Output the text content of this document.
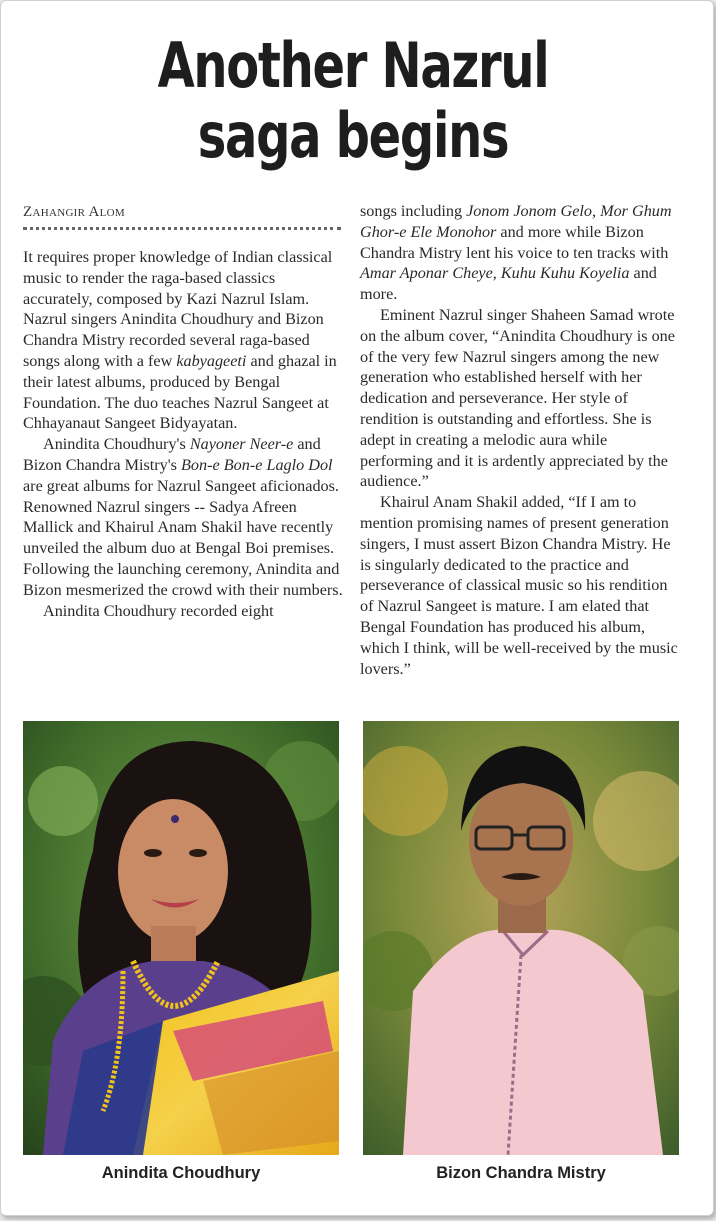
Another Nazrul
saga begins
Zahangir Alom

It requires proper knowledge of Indian classical music to render the raga-based classics accurately, composed by Kazi Nazrul Islam. Nazrul singers Anindita Choudhury and Bizon Chandra Mistry recorded several raga-based songs along with a few kabyageeti and ghazal in their latest albums, produced by Bengal Foundation. The duo teaches Nazrul Sangeet at Chhayanaut Sangeet Bidyayatan.

Anindita Choudhury's Nayoner Neer-e and Bizon Chandra Mistry's Bon-e Bon-e Laglo Dol are great albums for Nazrul Sangeet aficionados. Renowned Nazrul singers -- Sadya Afreen Mallick and Khairul Anam Shakil have recently unveiled the album duo at Bengal Boi premises. Following the launching ceremony, Anindita and Bizon mesmerized the crowd with their numbers.

Anindita Choudhury recorded eight

songs including Jonom Jonom Gelo, Mor Ghum Ghor-e Ele Monohor and more while Bizon Chandra Mistry lent his voice to ten tracks with Amar Aponar Cheye, Kuhu Kuhu Koyelia and more.

Eminent Nazrul singer Shaheen Samad wrote on the album cover, “Anindita Choudhury is one of the very few Nazrul singers among the new generation who established herself with her dedication and perseverance. Her style of rendition is outstanding and effortless. She is adept in creating a melodic aura while performing and it is ardently appreciated by the audience.”

Khairul Anam Shakil added, “If I am to mention promising names of present generation singers, I must assert Bizon Chandra Mistry. He is singularly dedicated to the practice and perseverance of classical music so his rendition of Nazrul Sangeet is mature. I am elated that Bengal Foundation has produced his album, which I think, will be well-received by the music lovers.”

Anindita Choudhury	Bizon Chandra Mistry
